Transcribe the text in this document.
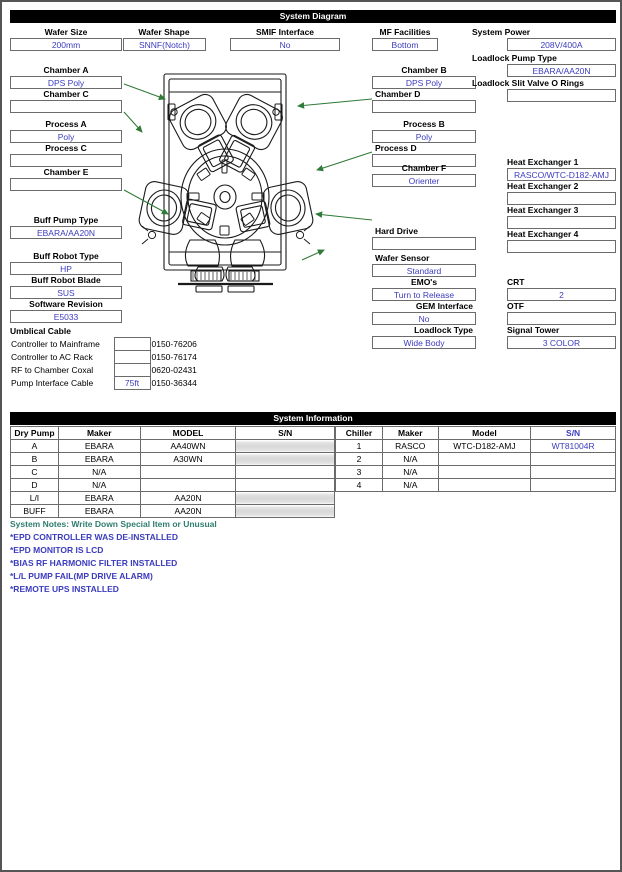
System Diagram
Wafer Size
200mm
Wafer Shape
SNNF(Notch)
SMIF Interface
No
MF Facilities
Bottom
System Power
208V/400A
Chamber A
DPS Poly
Chamber C
Process A
Poly
Process C
Chamber E
Buff Pump Type
EBARA/AA20N
Buff Robot Type
HP
Buff Robot Blade
SUS
Software Revision
E5033
Umblical Cable
Controller to Mainframe		0150-76206
Controller to AC Rack		0150-76174
RF to Chamber Coxal		0620-02431
Pump Interface Cable	75ft	0150-36344
Chamber B
DPS Poly
Chamber D
Process B
Poly
Process D
Chamber F
Orienter
Hard Drive
Wafer Sensor
Standard
EMO's
Turn to Release
GEM Interface
No
Loadlock Type
Wide Body
Loadlock Pump Type
EBARA/AA20N
Loadlock Slit Valve O Rings
Heat Exchanger 1
RASCO/WTC-D182-AMJ
Heat Exchanger 2
Heat Exchanger 3
Heat Exchanger 4
CRT
2
OTF
Signal Tower
3 COLOR
System Information
Dry Pump	Maker	MODEL	S/N
A	EBARA	AA40WN	
B	EBARA	A30WN	
C	N/A		
D	N/A		
L/I	EBARA	AA20N	
BUFF	EBARA	AA20N	
Chiller	Maker	Model	S/N
1	RASCO	WTC-D182-AMJ	WT81004R
2	N/A		
3	N/A		
4	N/A		
System Notes: Write Down Special Item or Unusual
*EPD CONTROLLER WAS DE-INSTALLED
*EPD MONITOR IS LCD
*BIAS RF HARMONIC FILTER INSTALLED
*L/L PUMP FAIL(MP DRIVE ALARM)
*REMOTE UPS INSTALLED
